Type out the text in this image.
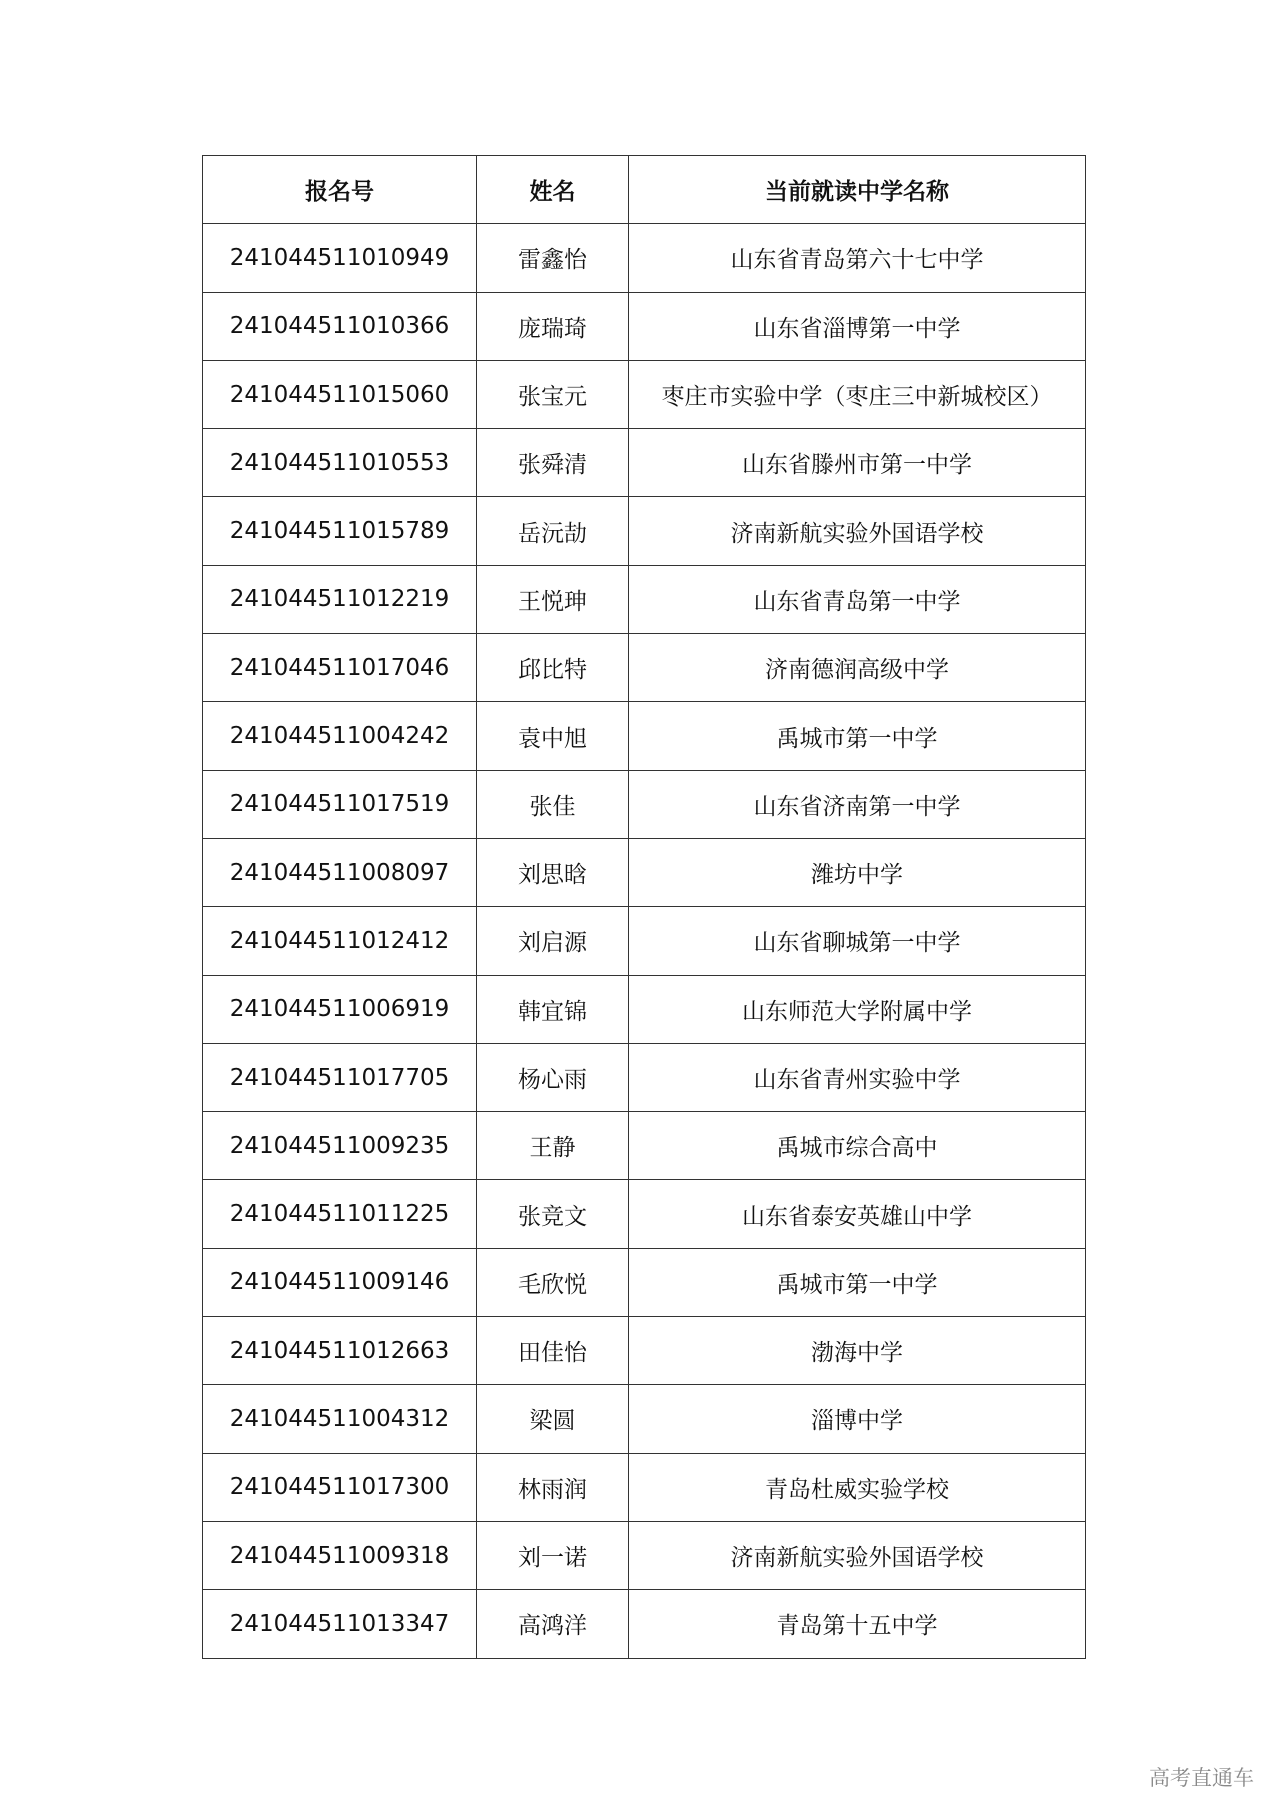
报名号	姓名	当前就读中学名称
241044511010949	雷鑫怡	山东省青岛第六十七中学
241044511010366	庞瑞琦	山东省淄博第一中学
241044511015060	张宝元	枣庄市实验中学（枣庄三中新城校区）
241044511010553	张舜清	山东省滕州市第一中学
241044511015789	岳沅劼	济南新航实验外国语学校
241044511012219	王悦珅	山东省青岛第一中学
241044511017046	邱比特	济南德润高级中学
241044511004242	袁中旭	禹城市第一中学
241044511017519	张佳	山东省济南第一中学
241044511008097	刘思晗	潍坊中学
241044511012412	刘启源	山东省聊城第一中学
241044511006919	韩宜锦	山东师范大学附属中学
241044511017705	杨心雨	山东省青州实验中学
241044511009235	王静	禹城市综合高中
241044511011225	张竞文	山东省泰安英雄山中学
241044511009146	毛欣悦	禹城市第一中学
241044511012663	田佳怡	渤海中学
241044511004312	梁圆	淄博中学
241044511017300	林雨润	青岛杜威实验学校
241044511009318	刘一诺	济南新航实验外国语学校
241044511013347	高鸿洋	青岛第十五中学
高考直通车
